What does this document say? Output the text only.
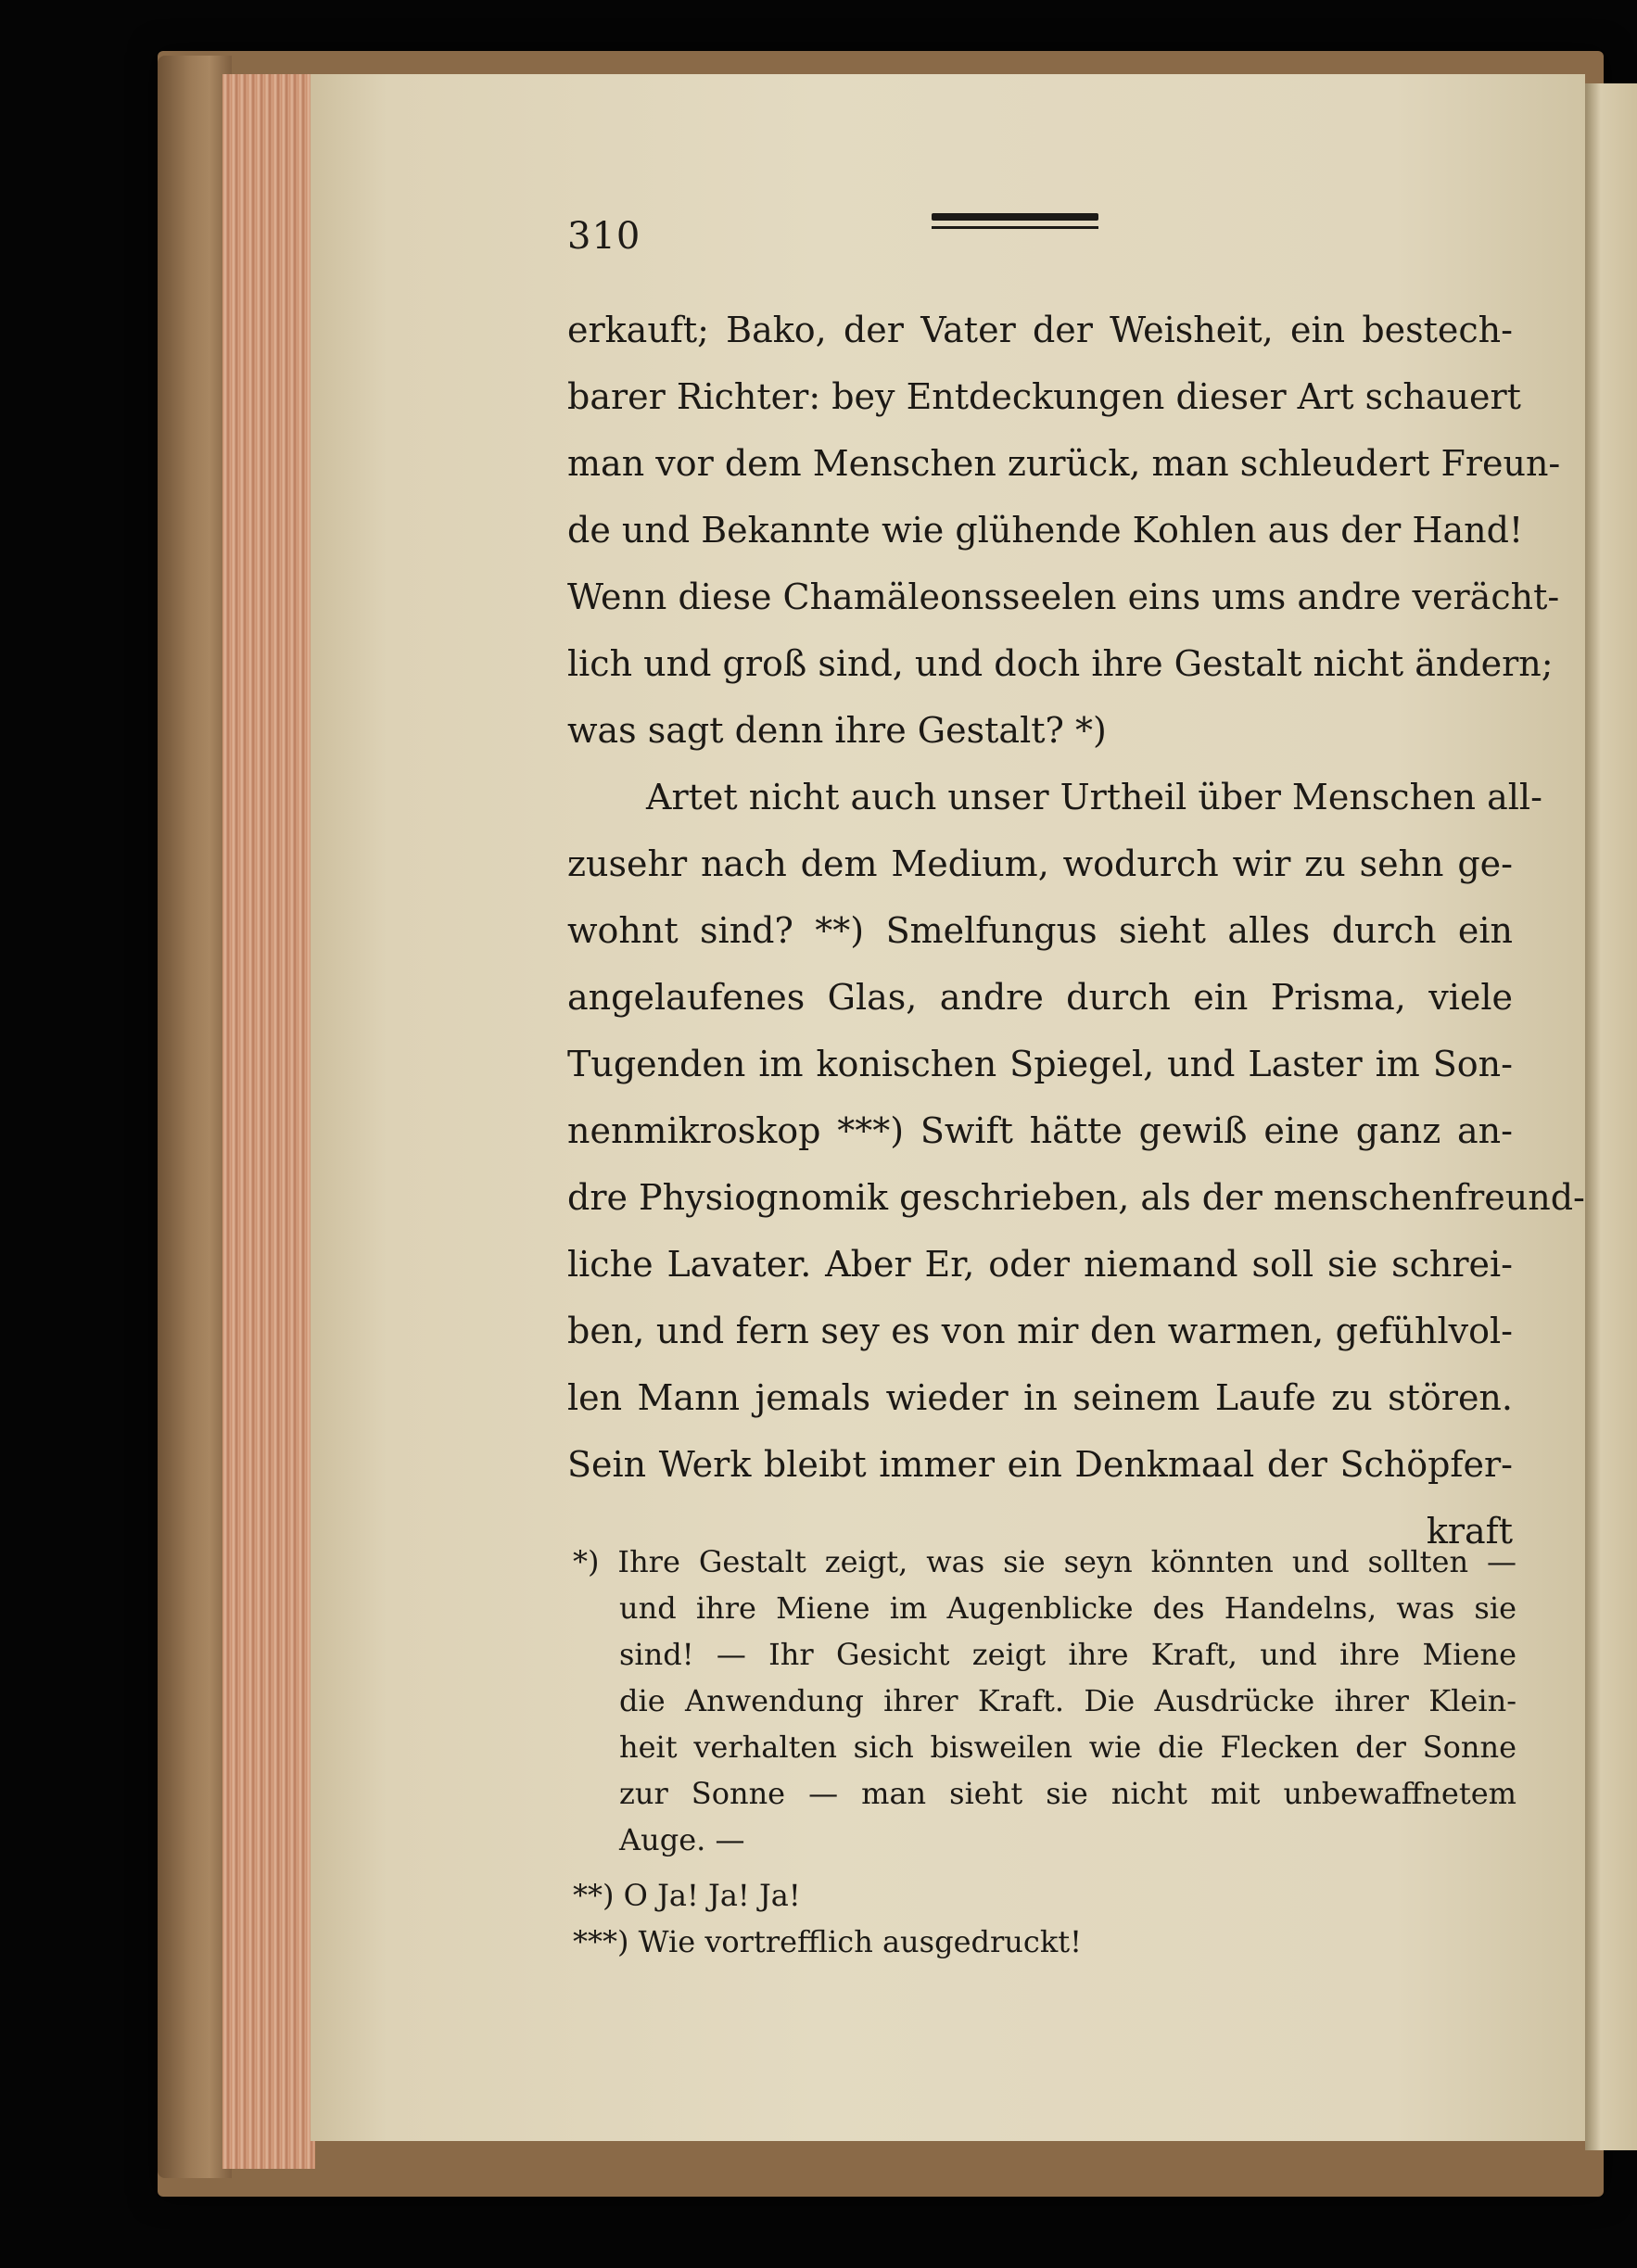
310
erkauft; Bako, der Vater der Weisheit, ein bestech-
barer Richter: bey Entdeckungen dieser Art schauert
man vor dem Menschen zurück, man schleudert Freun-
de und Bekannte wie glühende Kohlen aus der Hand!
Wenn diese Chamäleonsseelen eins ums andre verächt-
lich und groß sind, und doch ihre Gestalt nicht ändern;
was sagt denn ihre Gestalt? *)
Artet nicht auch unser Urtheil über Menschen all-
zusehr nach dem Medium, wodurch wir zu sehn ge-
wohnt sind? **) Smelfungus sieht alles durch ein
angelaufenes Glas, andre durch ein Prisma, viele
Tugenden im konischen Spiegel, und Laster im Son-
nenmikroskop ***) Swift hätte gewiß eine ganz an-
dre Physiognomik geschrieben, als der menschenfreund-
liche Lavater. Aber Er, oder niemand soll sie schrei-
ben, und fern sey es von mir den warmen, gefühlvol-
len Mann jemals wieder in seinem Laufe zu stören.
Sein Werk bleibt immer ein Denkmaal der Schöpfer-
kraft
*) Ihre Gestalt zeigt, was sie seyn könnten und sollten —
und ihre Miene im Augenblicke des Handelns, was sie
sind! — Ihr Gesicht zeigt ihre Kraft, und ihre Miene
die Anwendung ihrer Kraft. Die Ausdrücke ihrer Klein-
heit verhalten sich bisweilen wie die Flecken der Sonne
zur Sonne — man sieht sie nicht mit unbewaffnetem
Auge. —
**) O Ja! Ja! Ja!
***) Wie vortrefflich ausgedruckt!
